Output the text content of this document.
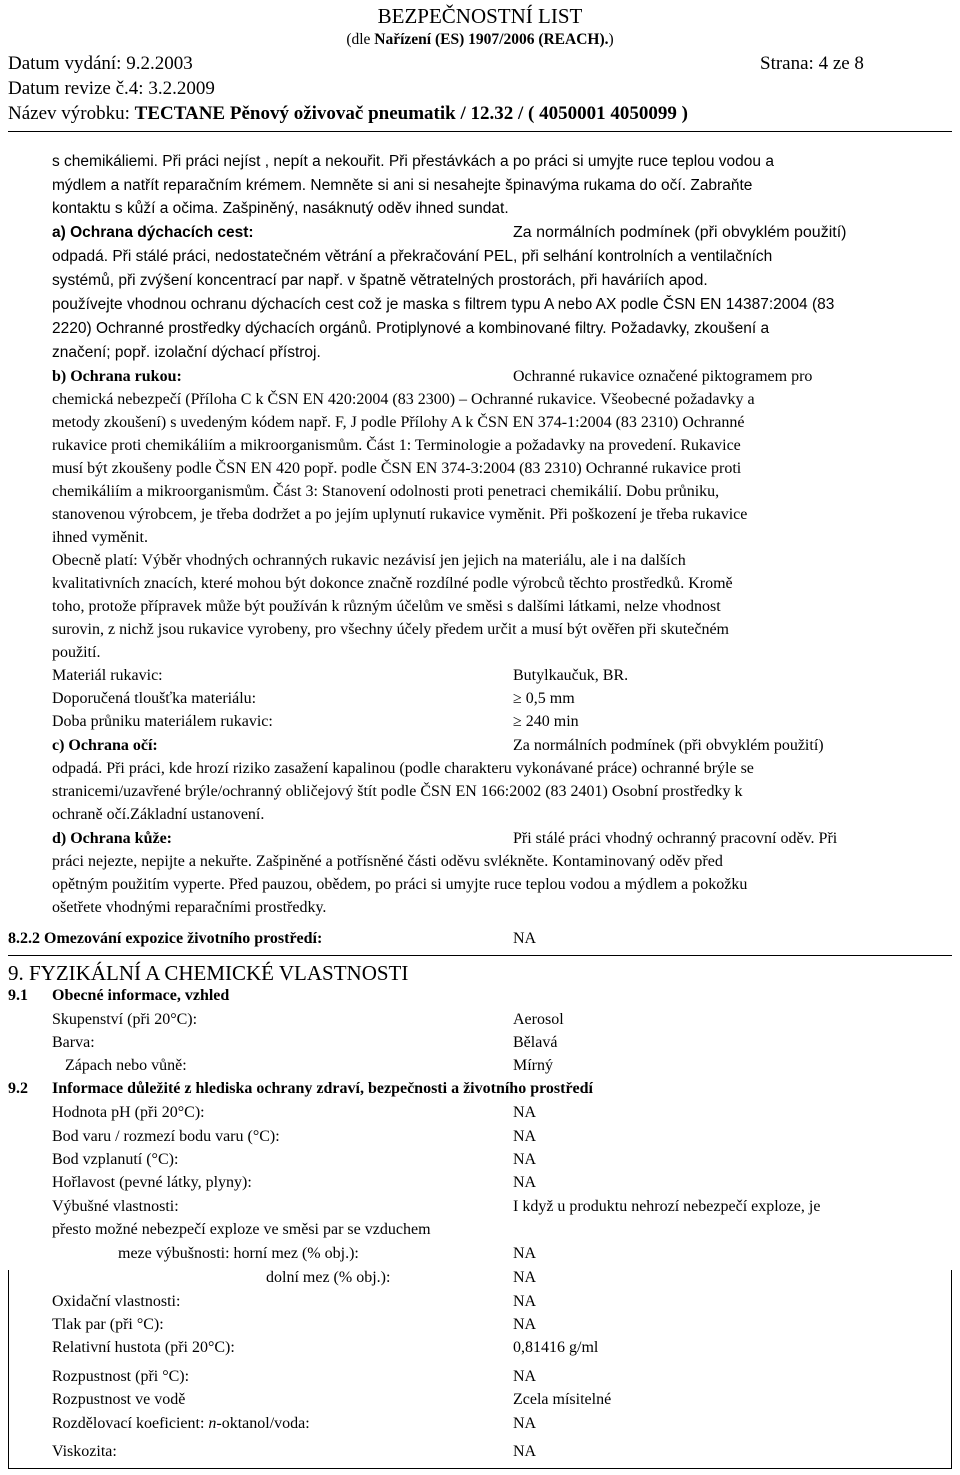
BEZPEČNOSTNÍ LIST
(dle Nařízení (ES) 1907/2006 (REACH).)
Datum vydání: 9.2.2003	Strana: 4 ze 8
Datum revize č.4: 3.2.2009
Název výrobku: TECTANE Pěnový oživovač pneumatik / 12.32 / ( 4050001 4050099 )
s chemikáliemi. Při práci nejíst , nepít a nekouřit. Při přestávkách a po práci si umyjte ruce teplou vodou a
mýdlem a natřít reparačním krémem. Nemněte si ani si nesahejte špinavýma rukama do očí. Zabraňte
kontaktu s kůží a očima. Zašpiněný, nasáknutý oděv ihned sundat.
a) Ochrana dýchacích cest:	Za normálních podmínek (při obvyklém použití)
odpadá. Při stálé práci, nedostatečném větrání a překračování PEL, při selhání kontrolních a ventilačních
systémů, při zvýšení koncentrací par např. v špatně větratelných prostorách, při haváriích apod.
používejte vhodnou ochranu dýchacích cest což je maska s filtrem typu A nebo AX podle ČSN EN 14387:2004 (83
2220) Ochranné prostředky dýchacích orgánů. Protiplynové a kombinované filtry. Požadavky, zkoušení a
značení; popř. izolační dýchací přístroj.
b) Ochrana rukou:	Ochranné rukavice označené piktogramem pro
chemická nebezpečí (Příloha C k ČSN EN 420:2004 (83 2300) – Ochranné rukavice. Všeobecné požadavky a
metody zkoušení) s uvedeným kódem např. F, J podle Přílohy A k ČSN EN 374-1:2004 (83 2310) Ochranné
rukavice proti chemikáliím a mikroorganismům. Část 1: Terminologie a požadavky na provedení. Rukavice
musí být zkoušeny podle ČSN EN 420 popř. podle ČSN EN 374-3:2004 (83 2310) Ochranné rukavice proti
chemikáliím a mikroorganismům. Část 3: Stanovení odolnosti proti penetraci chemikálií. Dobu průniku,
stanovenou výrobcem, je třeba dodržet a po jejím uplynutí rukavice vyměnit. Při poškození je třeba rukavice
ihned vyměnit.
Obecně platí: Výběr vhodných ochranných rukavic nezávisí jen jejich na materiálu, ale i na dalších
kvalitativních znacích, které mohou být dokonce značně rozdílné podle výrobců těchto prostředků. Kromě
toho, protože přípravek může být používán k různým účelům ve směsi s dalšími látkami, nelze vhodnost
surovin, z nichž jsou rukavice vyrobeny, pro všechny účely předem určit a musí být ověřen při skutečném
použití.
Materiál rukavic:	Butylkaučuk, BR.
Doporučená tloušťka materiálu:	≥ 0,5 mm
Doba průniku materiálem rukavic:	≥ 240 min
c) Ochrana očí:	Za normálních podmínek (při obvyklém použití)
odpadá. Při práci, kde hrozí riziko zasažení kapalinou (podle charakteru vykonávané práce) ochranné brýle se
stranicemi/uzavřené brýle/ochranný obličejový štít podle ČSN EN 166:2002 (83 2401) Osobní prostředky k
ochraně očí.Základní ustanovení.
d) Ochrana kůže:	Při stálé práci vhodný ochranný pracovní oděv. Při
práci nejezte, nepijte a nekuřte. Zašpiněné a potřísněné části oděvu svlékněte. Kontaminovaný oděv před
opětným použitím vyperte. Před pauzou, obědem, po práci si umyjte ruce teplou vodou a mýdlem a pokožku
ošetřete vhodnými reparačními prostředky.
8.2.2 Omezování expozice životního prostředí:	NA
9. FYZIKÁLNÍ A CHEMICKÉ VLASTNOSTI
9.1 Obecné informace, vzhled
Skupenství (při 20°C):	Aerosol
Barva:	Bělavá
Zápach nebo vůně:	Mírný
9.2 Informace důležité z hlediska ochrany zdraví, bezpečnosti a životního prostředí
Hodnota pH (při 20°C):	NA
Bod varu / rozmezí bodu varu (°C):	NA
Bod vzplanutí (°C):	NA
Hořlavost (pevné látky, plyny):	NA
Výbušné vlastnosti:	I když u produktu nehrozí nebezpečí exploze, je
přesto možné nebezpečí exploze ve směsi par se vzduchem
meze výbušnosti: horní mez (% obj.):	NA
dolní mez (% obj.):	NA
Oxidační vlastnosti:	NA
Tlak par (při °C):	NA
Relativní hustota (při 20°C):	0,81416 g/ml
Rozpustnost (při °C):	NA
Rozpustnost ve vodě	Zcela mísitelné
Rozdělovací koeficient: n-oktanol/voda:	NA
Viskozita:	NA
